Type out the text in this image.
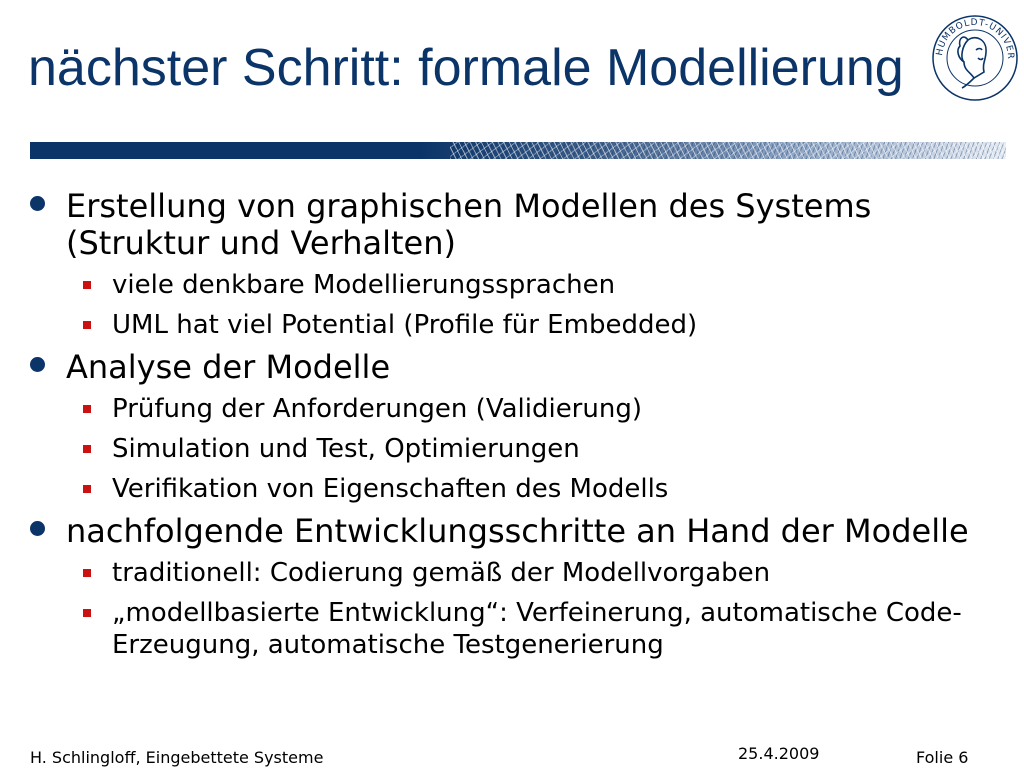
nächster Schritt: formale Modellierung	HUMBOLDT-UNIVER
Erstellung von graphischen Modellen des Systems (Struktur und Verhalten)
viele denkbare Modellierungssprachen
UML hat viel Potential (Profile für Embedded)
Analyse der Modelle
Prüfung der Anforderungen (Validierung)
Simulation und Test, Optimierungen
Verifikation von Eigenschaften des Modells
nachfolgende Entwicklungsschritte an Hand der Modelle
traditionell: Codierung gemäß der Modellvorgaben
„modellbasierte Entwicklung“: Verfeinerung, automatische Code-Erzeugung, automatische Testgenerierung
H. Schlingloff, Eingebettete Systeme	25.4.2009	Folie 6
